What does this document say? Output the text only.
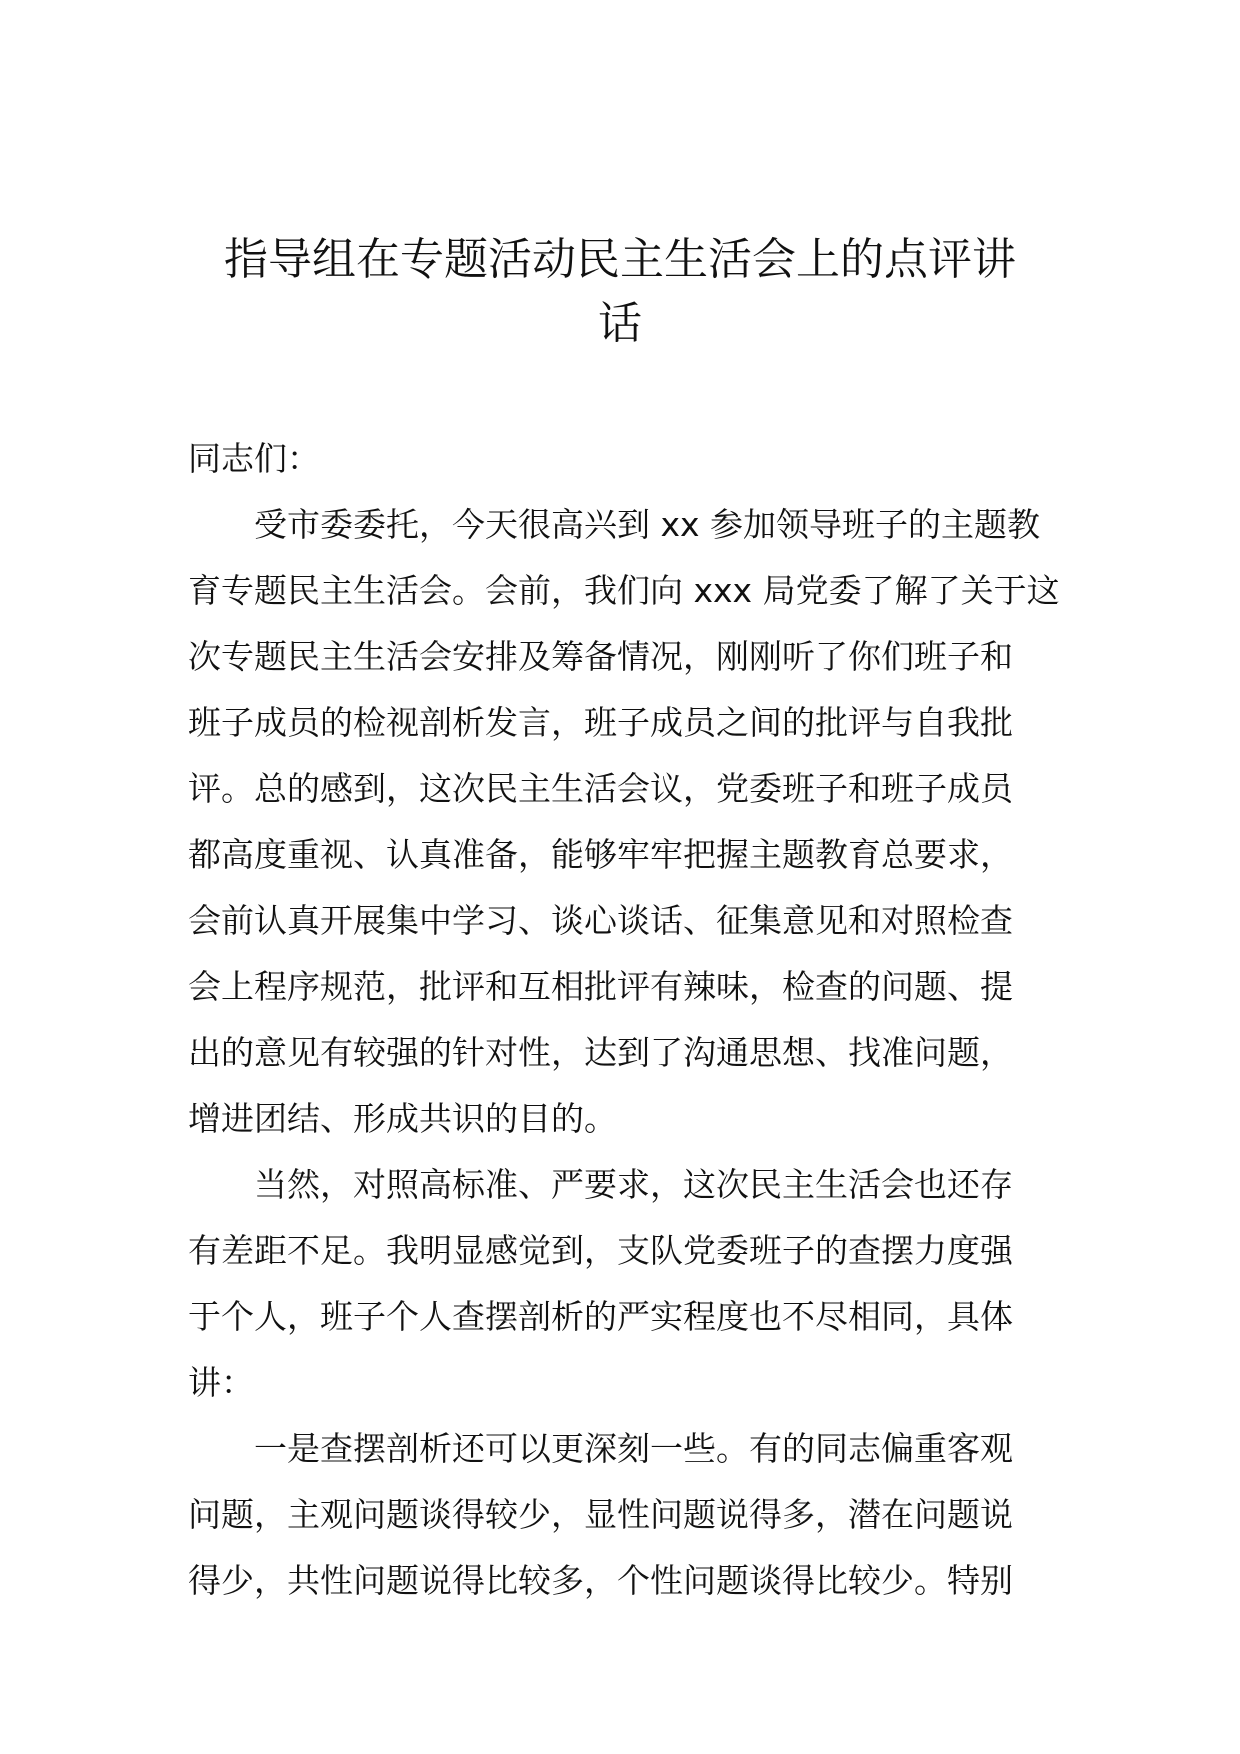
指导组在专题活动民主生活会上的点评讲
话
同志们：
受市委委托，今天很高兴到 xx 参加领导班子的主题教
育专题民主生活会。会前，我们向 xxx 局党委了解了关于这
次专题民主生活会安排及筹备情况，刚刚听了你们班子和
班子成员的检视剖析发言，班子成员之间的批评与自我批
评。总的感到，这次民主生活会议，党委班子和班子成员
都高度重视、认真准备，能够牢牢把握主题教育总要求，
会前认真开展集中学习、谈心谈话、征集意见和对照检查
会上程序规范，批评和互相批评有辣味，检查的问题、提
出的意见有较强的针对性，达到了沟通思想、找准问题，
增进团结、形成共识的目的。
当然，对照高标准、严要求，这次民主生活会也还存
有差距不足。我明显感觉到，支队党委班子的查摆力度强
于个人，班子个人查摆剖析的严实程度也不尽相同，具体
讲：
一是查摆剖析还可以更深刻一些。有的同志偏重客观
问题，主观问题谈得较少，显性问题说得多，潜在问题说
得少，共性问题说得比较多，个性问题谈得比较少。特别
